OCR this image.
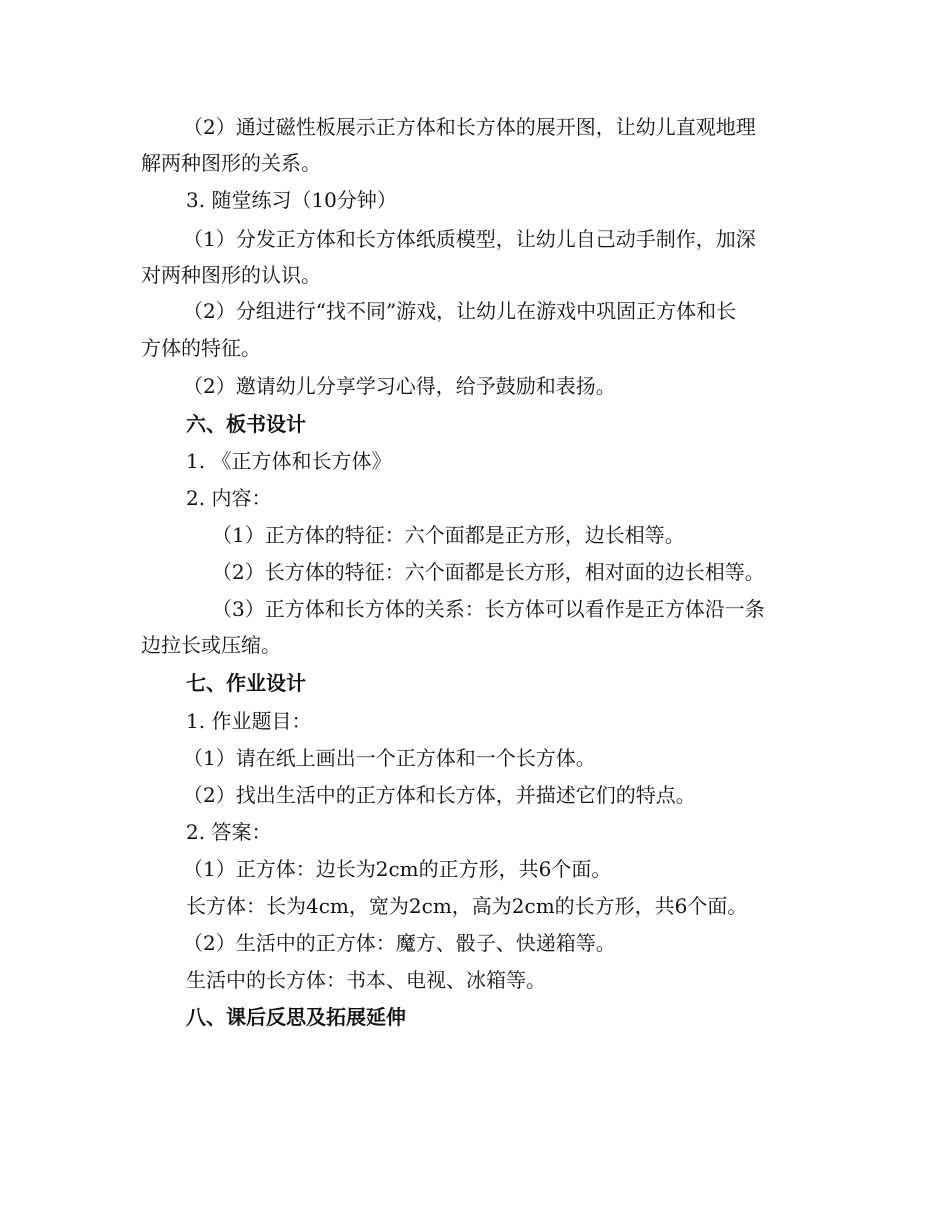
（2）通过磁性板展示正方体和长方体的展开图，让幼儿直观地理
解两种图形的关系。
3. 随堂练习（10分钟）
（1）分发正方体和长方体纸质模型，让幼儿自己动手制作，加深
对两种图形的认识。
（2）分组进行“找不同”游戏，让幼儿在游戏中巩固正方体和长
方体的特征。
（2）邀请幼儿分享学习心得，给予鼓励和表扬。
六、板书设计
1. 《正方体和长方体》
2. 内容：
（1）正方体的特征：六个面都是正方形，边长相等。
（2）长方体的特征：六个面都是长方形，相对面的边长相等。
（3）正方体和长方体的关系：长方体可以看作是正方体沿一条
边拉长或压缩。
七、作业设计
1. 作业题目：
（1）请在纸上画出一个正方体和一个长方体。
（2）找出生活中的正方体和长方体，并描述它们的特点。
2. 答案：
（1）正方体：边长为2cm的正方形，共6个面。
长方体：长为4cm，宽为2cm，高为2cm的长方形，共6个面。
（2）生活中的正方体：魔方、骰子、快递箱等。
生活中的长方体：书本、电视、冰箱等。
八、课后反思及拓展延伸
